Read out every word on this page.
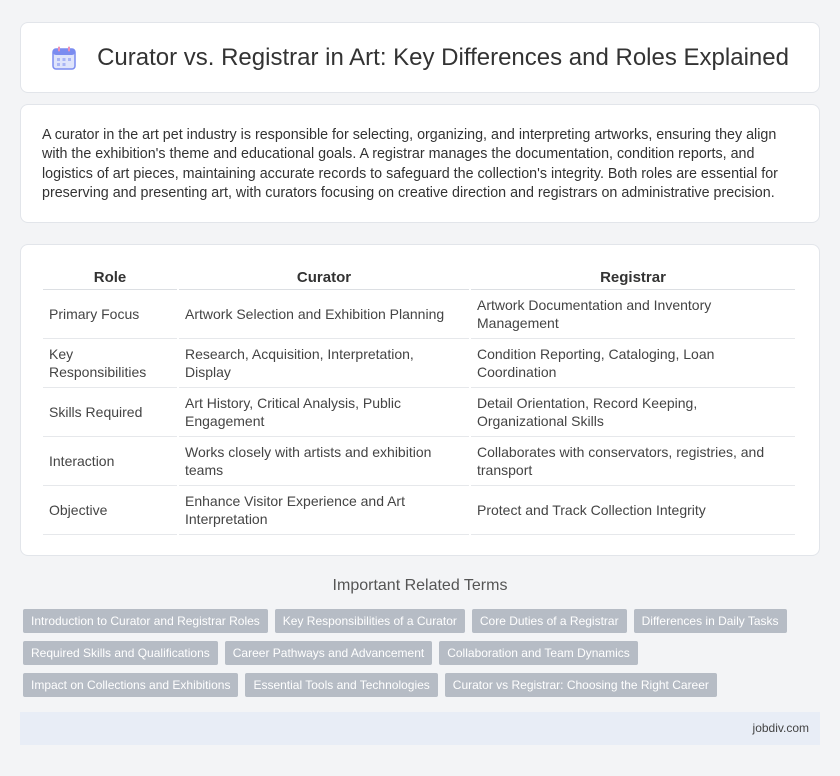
Curator vs. Registrar in Art: Key Differences and Roles Explained

A curator in the art pet industry is responsible for selecting, organizing, and interpreting artworks, ensuring they align with the exhibition's theme and educational goals. A registrar manages the documentation, condition reports, and logistics of art pieces, maintaining accurate records to safeguard the collection's integrity. Both roles are essential for preserving and presenting art, with curators focusing on creative direction and registrars on administrative precision.

Role	Curator	Registrar
Primary Focus	Artwork Selection and Exhibition Planning	Artwork Documentation and Inventory Management
Key Responsibilities	Research, Acquisition, Interpretation, Display	Condition Reporting, Cataloging, Loan Coordination
Skills Required	Art History, Critical Analysis, Public Engagement	Detail Orientation, Record Keeping, Organizational Skills
Interaction	Works closely with artists and exhibition teams	Collaborates with conservators, registries, and transport
Objective	Enhance Visitor Experience and Art Interpretation	Protect and Track Collection Integrity
Important Related Terms
Introduction to Curator and Registrar Roles	Key Responsibilities of a Curator	Core Duties of a Registrar	Differences in Daily Tasks
Required Skills and Qualifications	Career Pathways and Advancement	Collaboration and Team Dynamics
Impact on Collections and Exhibitions	Essential Tools and Technologies	Curator vs Registrar: Choosing the Right Career
jobdiv.com
